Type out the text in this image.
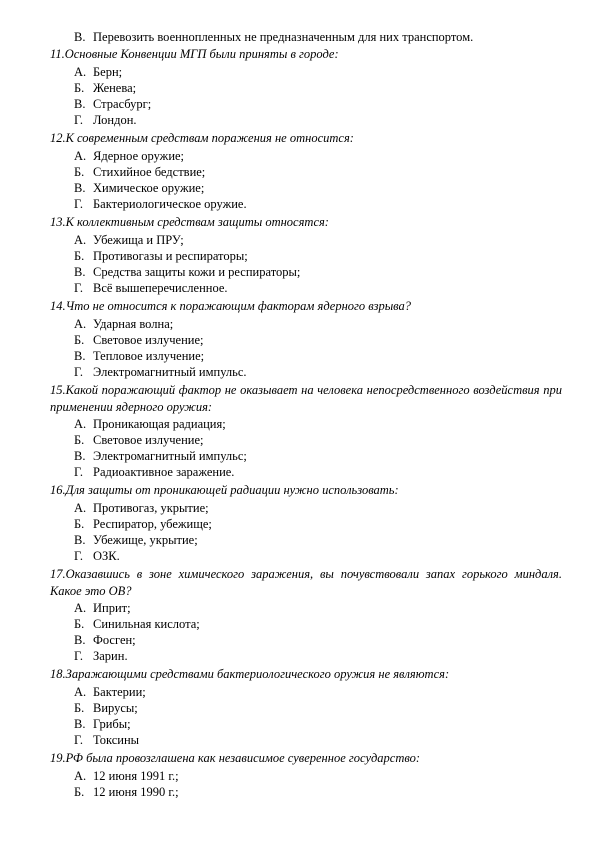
В. Перевозить военнопленных не предназначенным для них транспортом.
11.Основные Конвенции МГП были приняты в городе:
А. Берн;
Б. Женева;
В. Страсбург;
Г. Лондон.
12.К современным средствам поражения не относится:
А. Ядерное оружие;
Б. Стихийное бедствие;
В. Химическое оружие;
Г. Бактериологическое оружие.
13.К коллективным средствам защиты относятся:
А. Убежища и ПРУ;
Б. Противогазы и респираторы;
В. Средства защиты кожи и респираторы;
Г. Всё вышеперечисленное.
14.Что не относится к поражающим факторам ядерного взрыва?
А. Ударная волна;
Б. Световое излучение;
В. Тепловое излучение;
Г. Электромагнитный импульс.
15.Какой поражающий фактор не оказывает на человека непосредственного воздействия при применении ядерного оружия:
А. Проникающая радиация;
Б. Световое излучение;
В. Электромагнитный импульс;
Г. Радиоактивное заражение.
16.Для защиты от проникающей радиации нужно использовать:
А. Противогаз, укрытие;
Б. Респиратор, убежище;
В. Убежище, укрытие;
Г. ОЗК.
17.Оказавшись в зоне химического заражения, вы почувствовали запах горького миндаля. Какое это ОВ?
А. Иприт;
Б. Синильная кислота;
В. Фосген;
Г. Зарин.
18.Заражающими средствами бактериологического оружия не являются:
А. Бактерии;
Б. Вирусы;
В. Грибы;
Г. Токсины
19.РФ была провозглашена как независимое суверенное государство:
А. 12 июня 1991 г.;
Б. 12 июня 1990 г.;
